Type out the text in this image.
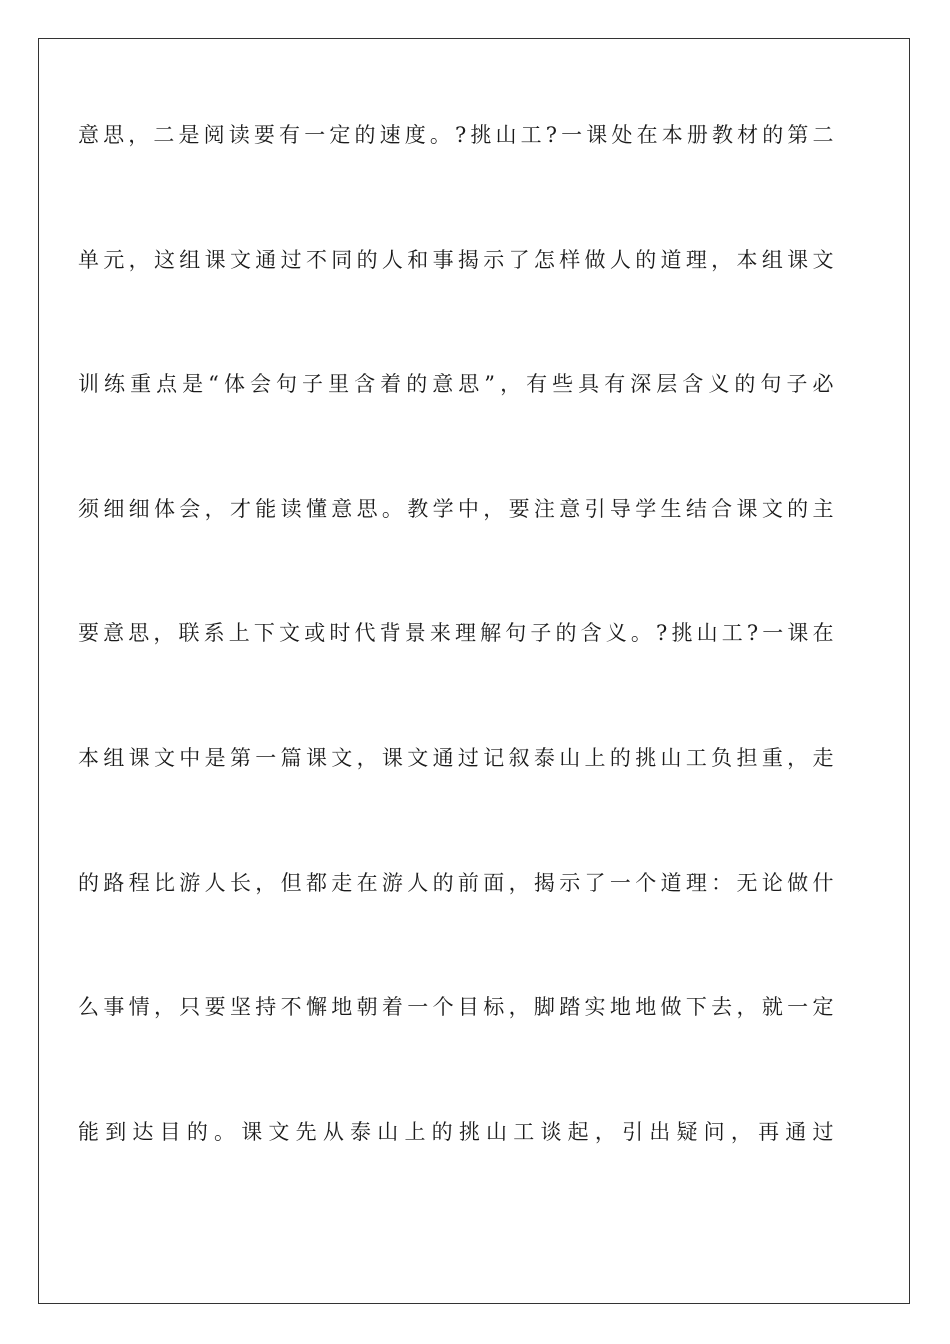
意思，二是阅读要有一定的速度。?挑山工?一课处在本册教材的第二
单元，这组课文通过不同的人和事揭示了怎样做人的道理，本组课文
训练重点是“体会句子里含着的意思”，有些具有深层含义的句子必
须细细体会，才能读懂意思。教学中，要注意引导学生结合课文的主
要意思，联系上下文或时代背景来理解句子的含义。?挑山工?一课在
本组课文中是第一篇课文，课文通过记叙泰山上的挑山工负担重，走
的路程比游人长，但都走在游人的前面，揭示了一个道理：无论做什
么事情，只要坚持不懈地朝着一个目标，脚踏实地地做下去，就一定
能到达目的。课文先从泰山上的挑山工谈起，引出疑问，再通过
